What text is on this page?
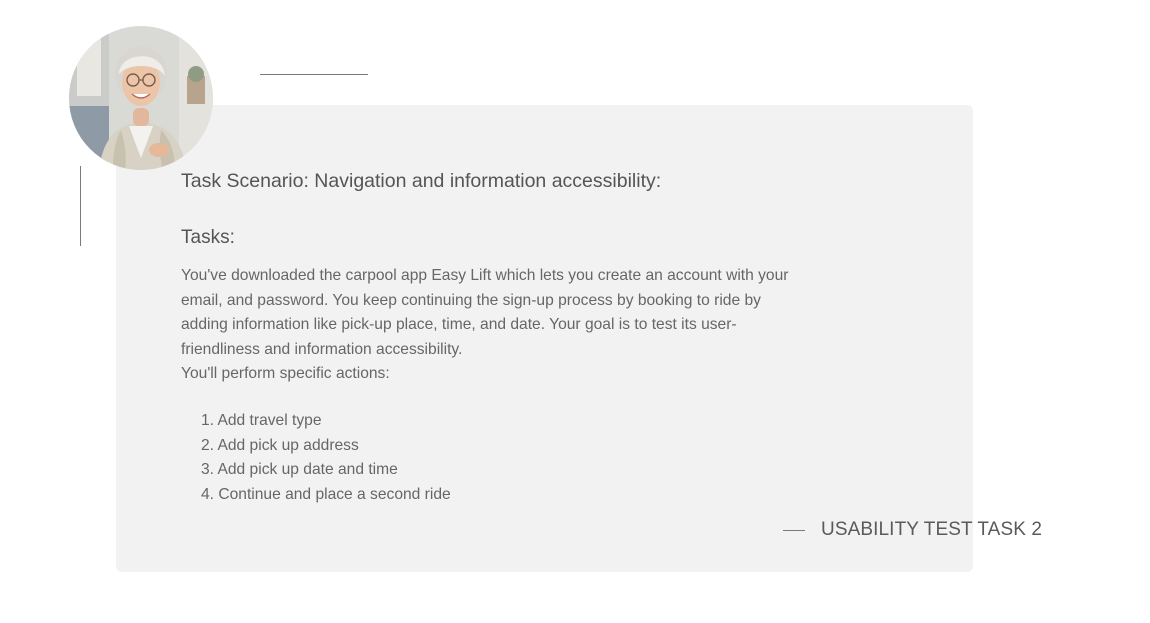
Task Scenario: Navigation and information accessibility:
Tasks:

You've downloaded the carpool app Easy Lift which lets you create an account with your
email, and password. You keep continuing the sign-up process by booking to ride by
adding information like pick-up place, time, and date. Your goal is to test its user-
friendliness and information accessibility.
You'll perform specific actions:

1. Add travel type
2. Add pick up address
3. Add pick up date and time
4. Continue and place a second ride
USABILITY TEST TASK 2
